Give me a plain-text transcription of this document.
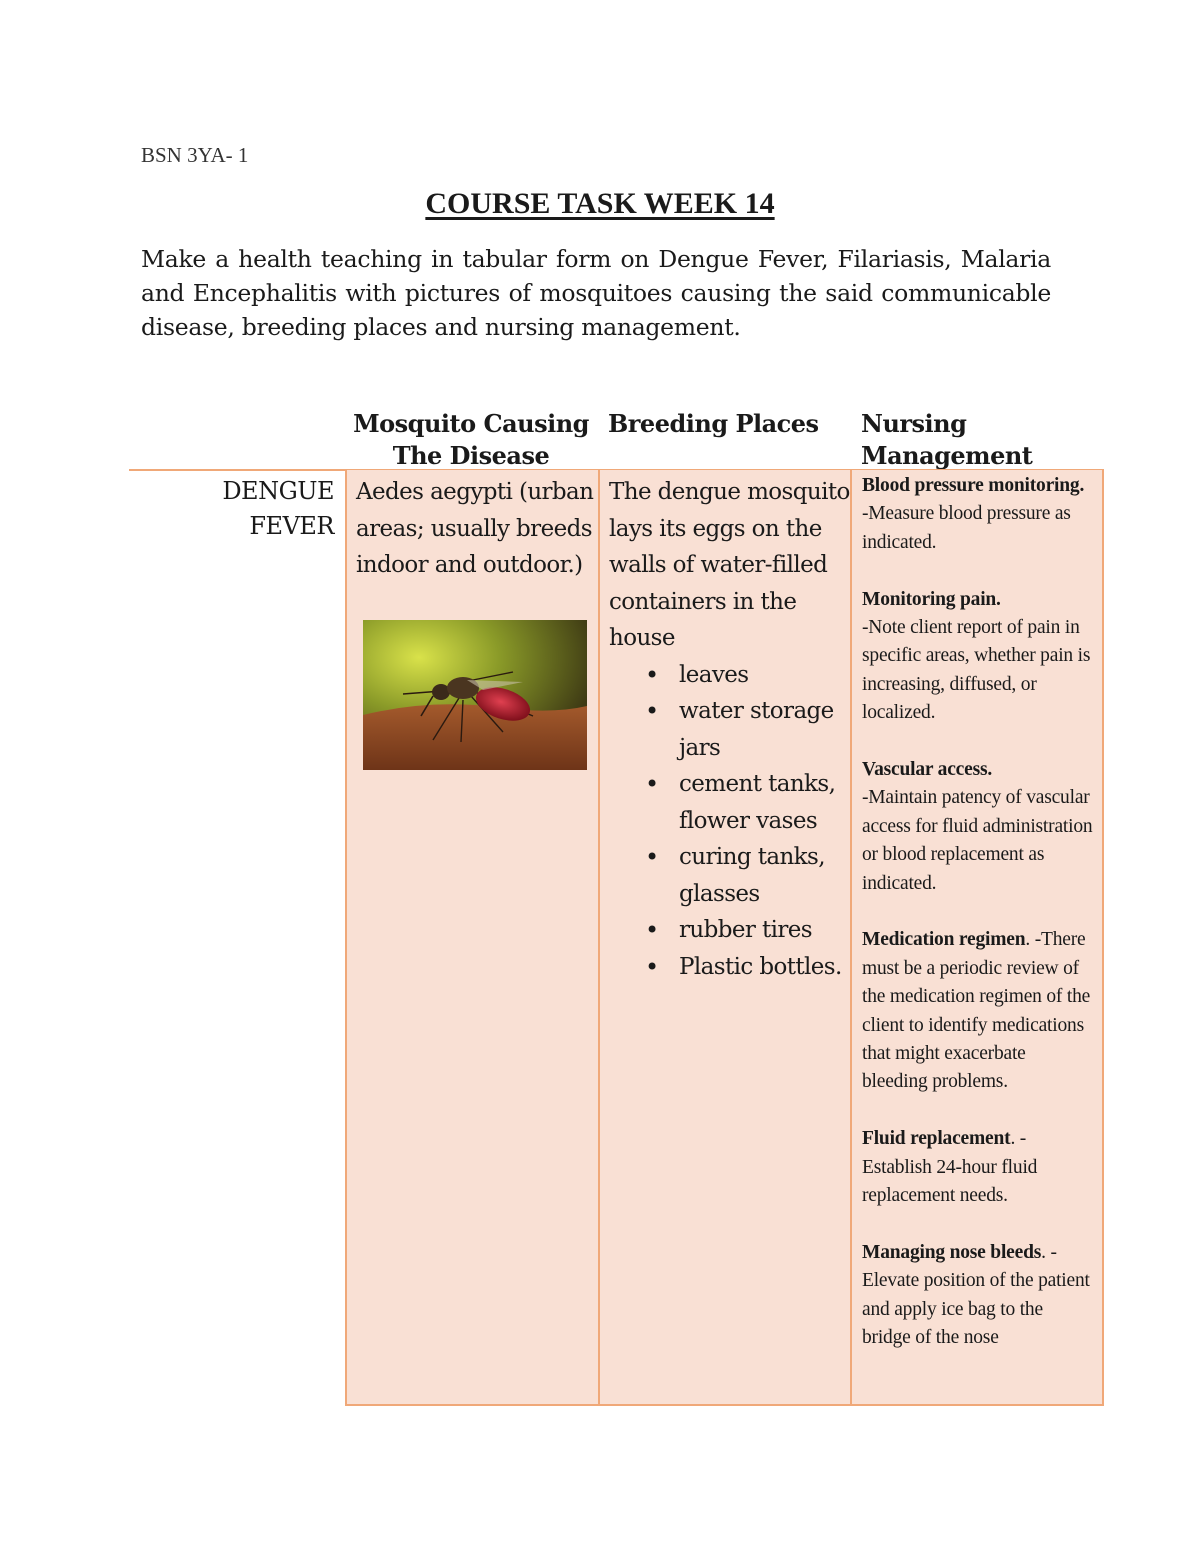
BSN 3YA- 1
COURSE TASK WEEK 14
Make a health teaching in tabular form on Dengue Fever, Filariasis, Malaria and Encephalitis with pictures of mosquitoes causing the said communicable disease, breeding places and nursing management.
Mosquito Causing The Disease
Breeding Places	Nursing Management
DENGUE FEVER
Aedes aegypti (urban areas; usually breeds indoor and outdoor.)
The dengue mosquito lays its eggs on the walls of water-filled containers in the house
• leaves
• water storage jars
• cement tanks, flower vases
• curing tanks, glasses
• rubber tires
• Plastic bottles.
Blood pressure monitoring.
-Measure blood pressure as indicated.
Monitoring pain.
-Note client report of pain in specific areas, whether pain is increasing, diffused, or localized.
Vascular access.
-Maintain patency of vascular access for fluid administration or blood replacement as indicated.
Medication regimen. -There must be a periodic review of the medication regimen of the client to identify medications that might exacerbate bleeding problems.
Fluid replacement. - Establish 24-hour fluid replacement needs.
Managing nose bleeds. -Elevate position of the patient and apply ice bag to the bridge of the nose
